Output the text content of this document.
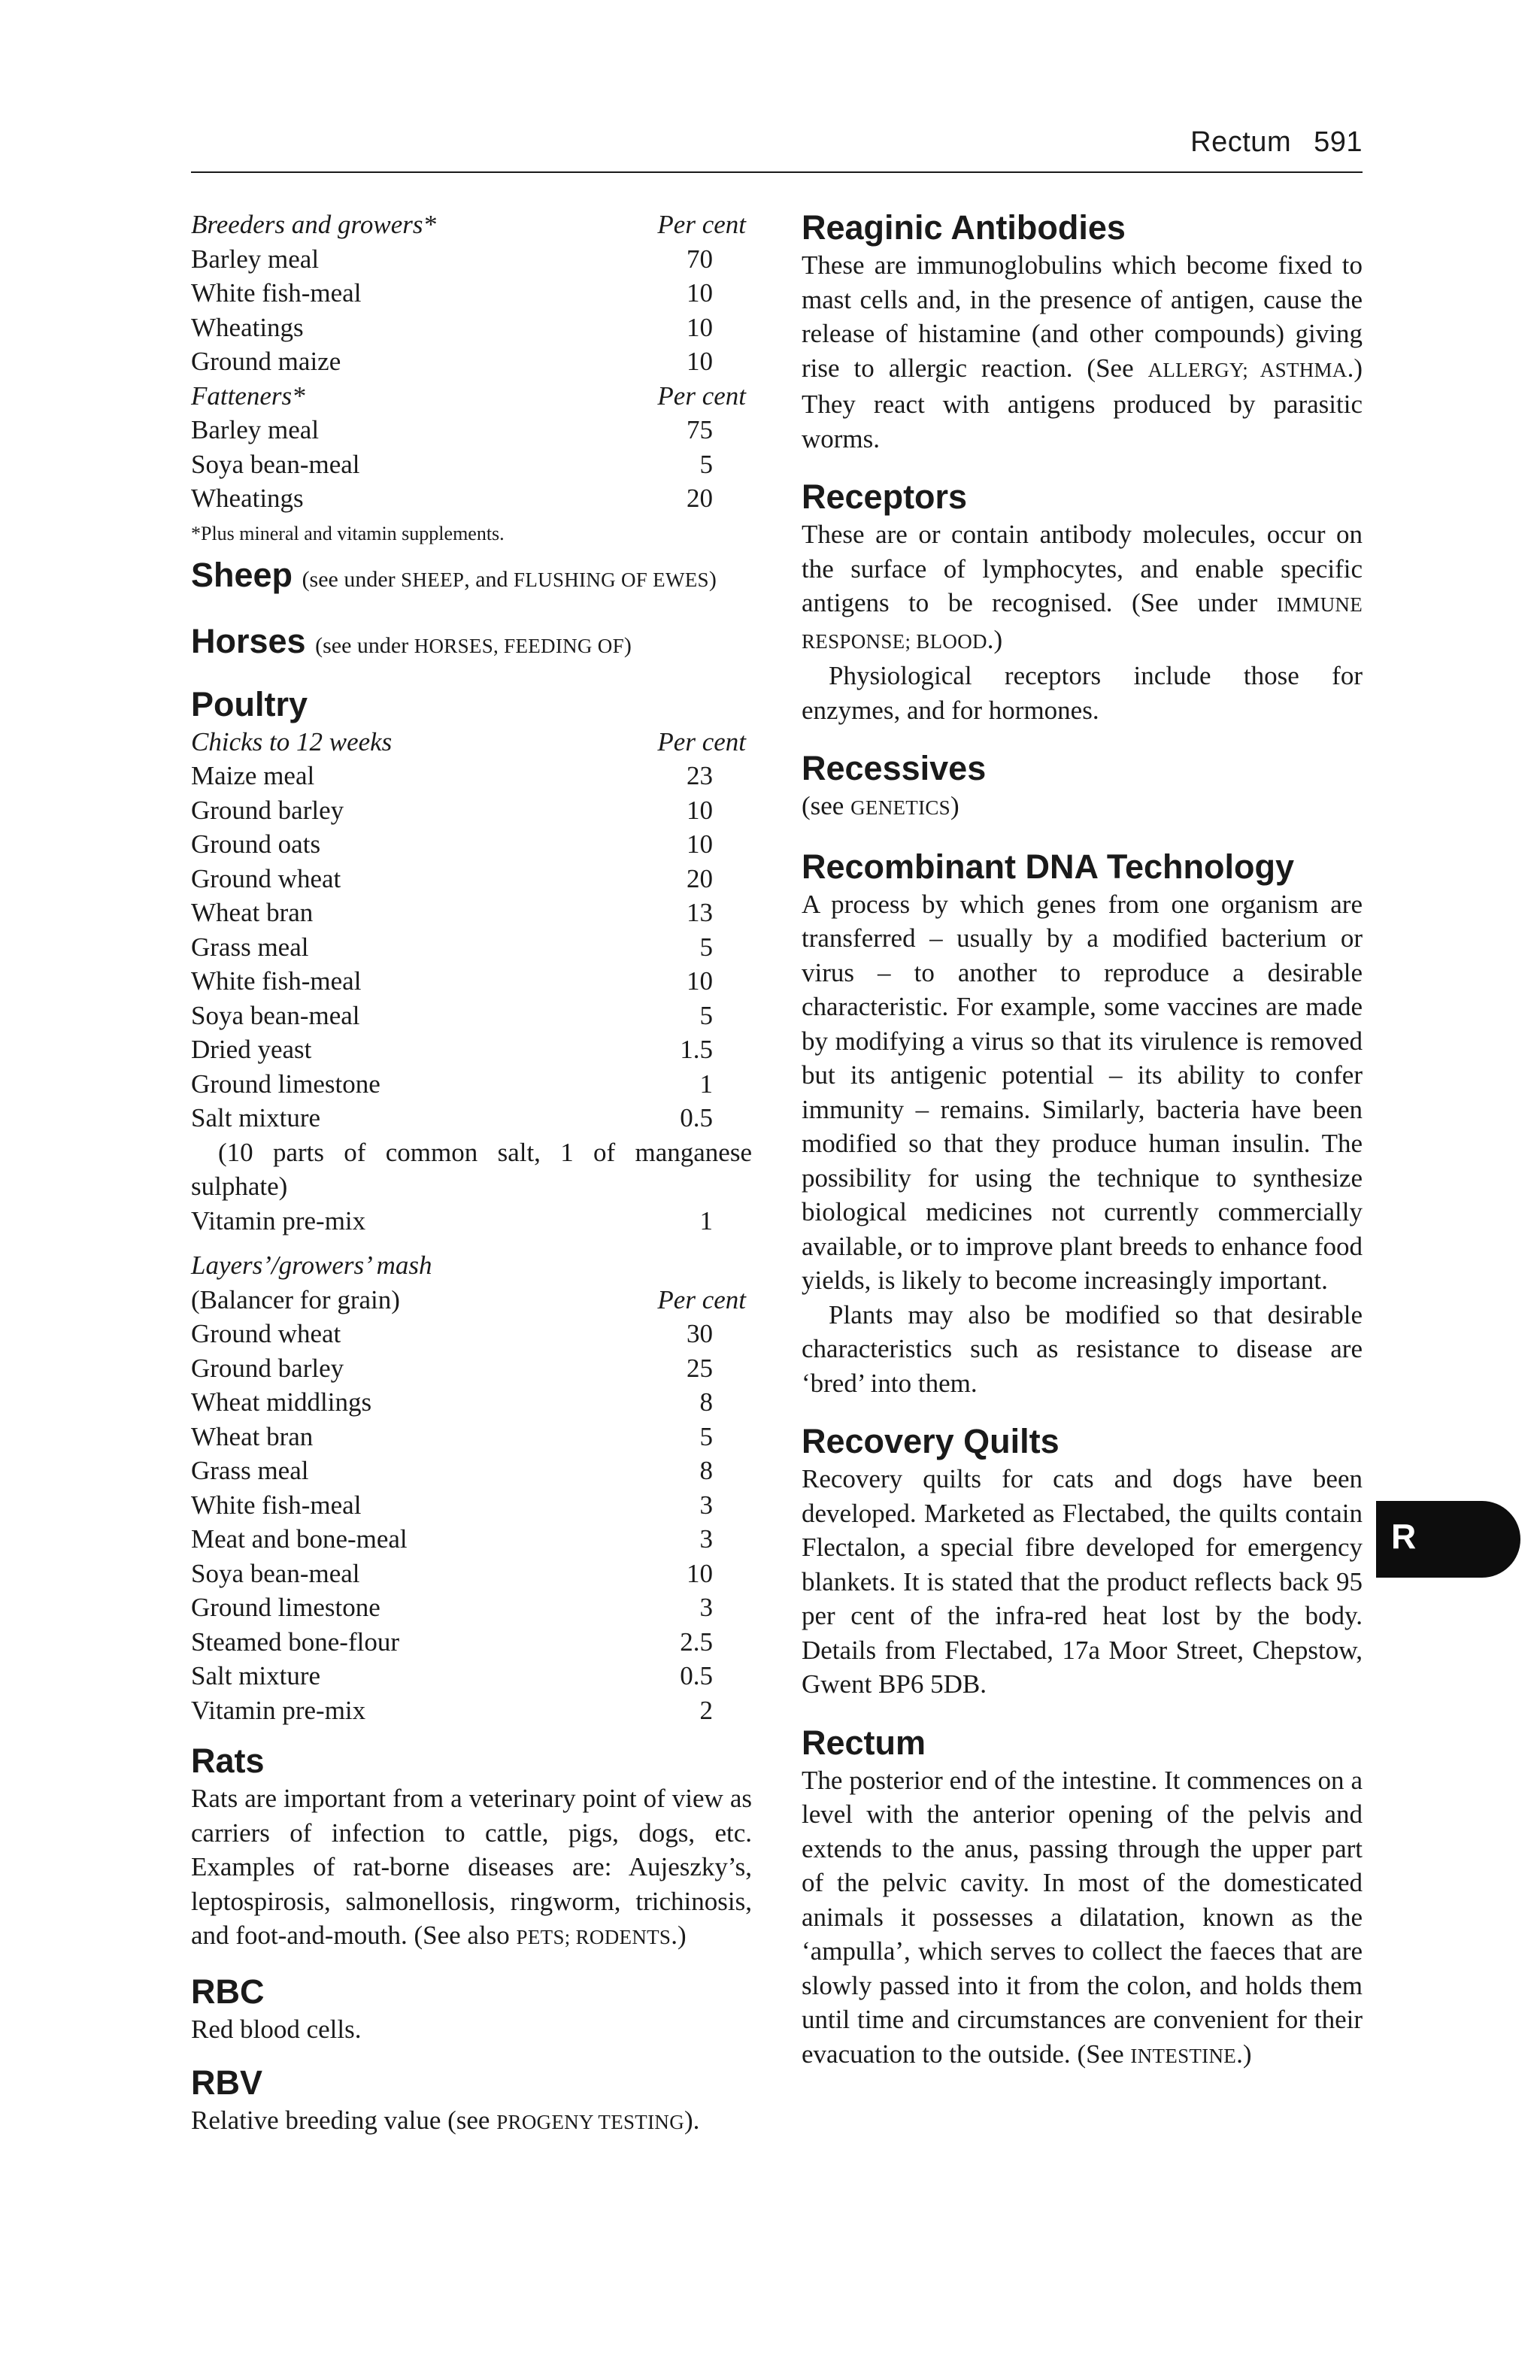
Rectum 591
Breeders and growers*	Per cent
Barley meal	70
White fish-meal	10
Wheatings	10
Ground maize	10
Fatteners*	Per cent
Barley meal	75
Soya bean-meal	5
Wheatings	20

*Plus mineral and vitamin supplements.

Sheep (see under SHEEP, and FLUSHING OF EWES)

Horses (see under HORSES, FEEDING OF)

Poultry

Chicks to 12 weeks	Per cent
Maize meal	23
Ground barley	10
Ground oats	10
Ground wheat	20
Wheat bran	13
Grass meal	5
White fish-meal	10
Soya bean-meal	5
Dried yeast	1.5
Ground limestone	1
Salt mixture	0.5

(10 parts of common salt, 1 of manganese sulphate)

Vitamin pre-mix	1
Layers’/growers’ mash
(Balancer for grain)	Per cent
Ground wheat	30
Ground barley	25
Wheat middlings	8
Wheat bran	5
Grass meal	8
White fish-meal	3
Meat and bone-meal	3
Soya bean-meal	10
Ground limestone	3
Steamed bone-flour	2.5
Salt mixture	0.5
Vitamin pre-mix	2

Rats

Rats are important from a veterinary point of view as carriers of infection to cattle, pigs, dogs, etc. Examples of rat-borne diseases are: Aujeszky’s, leptospirosis, salmonellosis, ringworm, trichinosis, and foot-and-mouth. (See also PETS; RODENTS.)

RBC

Red blood cells.

RBV

Relative breeding value (see PROGENY TESTING).

Reaginic Antibodies

These are immunoglobulins which become fixed to mast cells and, in the presence of antigen, cause the release of histamine (and other compounds) giving rise to allergic reaction. (See ALLERGY; ASTHMA.) They react with antigens produced by parasitic worms.

Receptors

These are or contain antibody molecules, occur on the surface of lymphocytes, and enable specific antigens to be recognised. (See under IMMUNE RESPONSE; BLOOD.)

Physiological receptors include those for enzymes, and for hormones.

Recessives

(see GENETICS)

Recombinant DNA Technology

A process by which genes from one organism are transferred – usually by a modified bacterium or virus – to another to reproduce a desirable characteristic. For example, some vaccines are made by modifying a virus so that its virulence is removed but its antigenic potential – its ability to confer immunity – remains. Similarly, bacteria have been modified so that they produce human insulin. The possibility for using the technique to synthesize biological medicines not currently commercially available, or to improve plant breeds to enhance food yields, is likely to become increasingly important.

Plants may also be modified so that desirable characteristics such as resistance to disease are ‘bred’ into them.

Recovery Quilts

Recovery quilts for cats and dogs have been developed. Marketed as Flectabed, the quilts contain Flectalon, a special fibre developed for emergency blankets. It is stated that the product reflects back 95 per cent of the infra-red heat lost by the body. Details from Flectabed, 17a Moor Street, Chepstow, Gwent BP6 5DB.

Rectum

The posterior end of the intestine. It commences on a level with the anterior opening of the pelvis and extends to the anus, passing through the upper part of the pelvic cavity. In most of the domesticated animals it possesses a dilatation, known as the ‘ampulla’, which serves to collect the faeces that are slowly passed into it from the colon, and holds them until time and circumstances are convenient for their evacuation to the outside. (See INTESTINE.)

R
